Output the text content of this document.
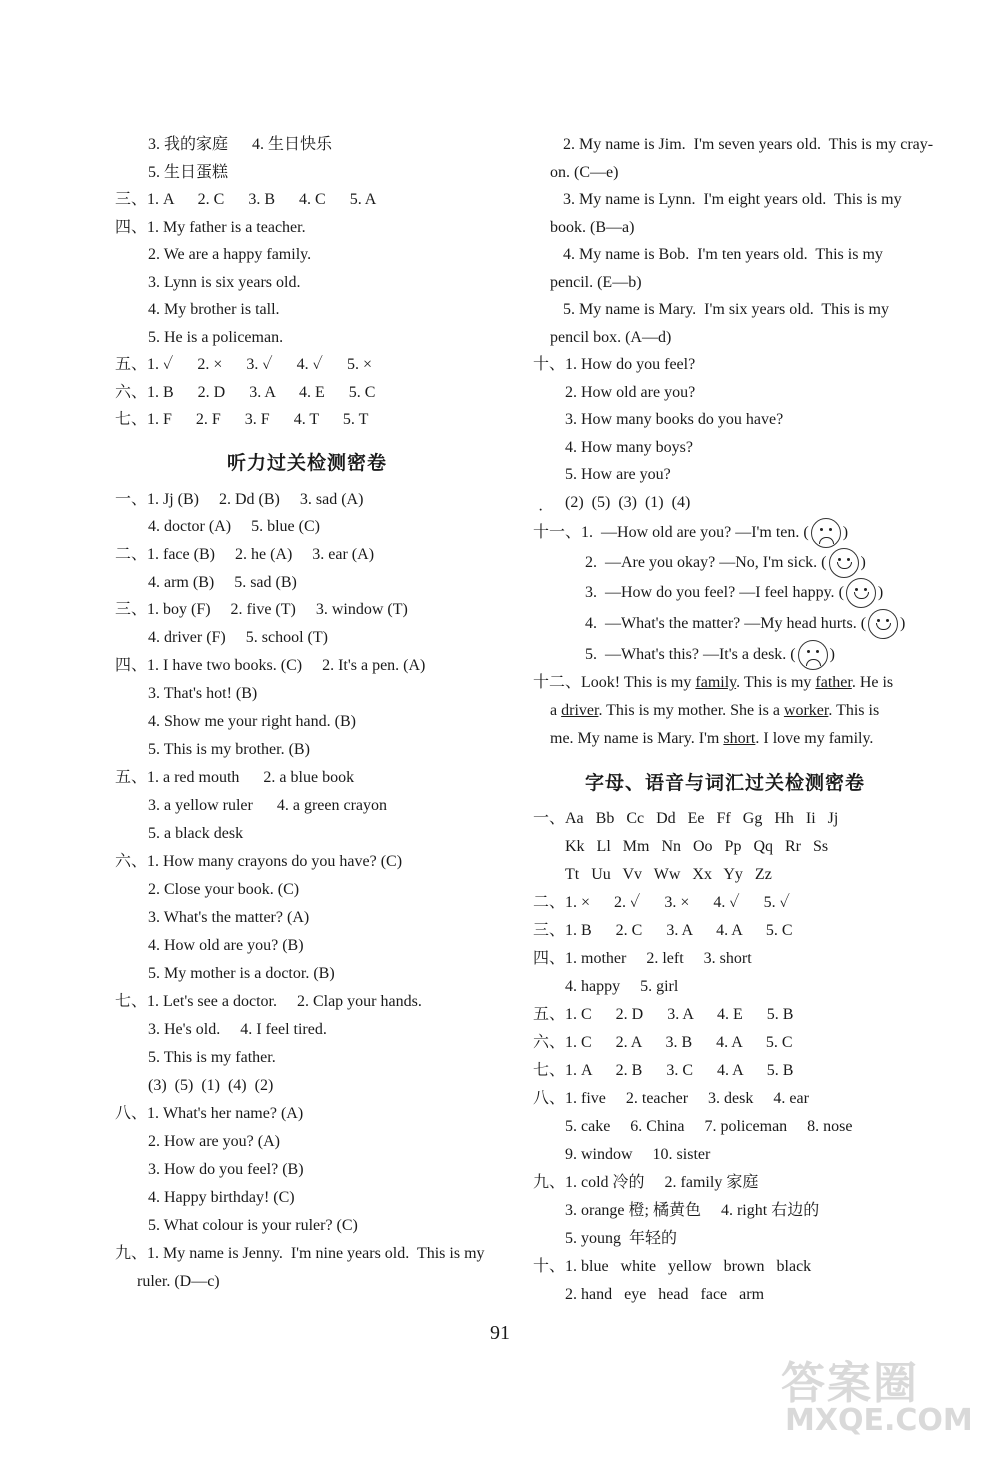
3. 我的家庭      4. 生日快乐
5. 生日蛋糕
三、1. A      2. C      3. B      4. C      5. A
四、1. My father is a teacher.
2. We are a happy family.
3. Lynn is six years old.
4. My brother is tall.
5. He is a policeman.
五、1. ✓      2. ×      3. ✓      4. ✓      5. ×
六、1. B      2. D      3. A      4. E      5. C
七、1. F      2. F      3. F      4. T      5. T
一、1. Jj (B)     2. Dd (B)     3. sad (A)
4. doctor (A)     5. blue (C)
二、1. face (B)     2. he (A)     3. ear (A)
4. arm (B)     5. sad (B)
三、1. boy (F)     2. five (T)     3. window (T)
4. driver (F)     5. school (T)
四、1. I have two books. (C)     2. It's a pen. (A)
3. That's hot! (B)
4. Show me your right hand. (B)
5. This is my brother. (B)
五、1. a red mouth      2. a blue book
3. a yellow ruler      4. a green crayon
5. a black desk
六、1. How many crayons do you have? (C)
2. Close your book. (C)
3. What's the matter? (A)
4. How old are you? (B)
5. My mother is a doctor. (B)
七、1. Let's see a doctor.     2. Clap your hands.
3. He's old.     4. I feel tired.
5. This is my father.
(3)  (5)  (1)  (4)  (2)
八、1. What's her name? (A)
2. How are you? (A)
3. How do you feel? (B)
4. Happy birthday! (C)
5. What colour is your ruler? (C)
九、1. My name is Jenny.  I'm nine years old.  This is my
ruler. (D—c)
听力过关检测密卷
2. My name is Jim.  I'm seven years old.  This is my cray-
on. (C—e)
3. My name is Lynn.  I'm eight years old.  This is my
book. (B—a)
4. My name is Bob.  I'm ten years old.  This is my
pencil. (E—b)
5. My name is Mary.  I'm six years old.  This is my
pencil box. (A—d)
十、1. How do you feel?
2. How old are you?
3. How many books do you have?
4. How many boys?
5. How are you?
(2)  (5)  (3)  (1)  (4)
·
十一、1.  —How old are you? —I'm ten. ( )
2.  —Are you okay? —No, I'm sick. ( )
3.  —How do you feel? —I feel happy. ( )
4.  —What's the matter? —My head hurts. ( )
5.  —What's this? —It's a desk. ( )
十二、Look! This is my family. This is my father. He is
a driver. This is my mother. She is a worker. This is
me. My name is Mary. I'm short. I love my family.
字母、语音与词汇过关检测密卷
一、Aa   Bb   Cc   Dd   Ee   Ff   Gg   Hh   Ii   Jj
Kk   Ll   Mm   Nn   Oo   Pp   Qq   Rr   Ss
Tt   Uu   Vv   Ww   Xx   Yy   Zz
二、1. ×      2. ✓      3. ×      4. ✓      5. ✓
三、1. B      2. C      3. A      4. A      5. C
四、1. mother     2. left     3. short
4. happy     5. girl
五、1. C      2. D      3. A      4. E      5. B
六、1. C      2. A      3. B      4. A      5. C
七、1. A      2. B      3. C      4. A      5. B
八、1. five     2. teacher     3. desk     4. ear
5. cake     6. China     7. policeman     8. nose
9. window     10. sister
九、1. cold 冷的     2. family 家庭
3. orange 橙; 橘黄色     4. right 右边的
5. young  年轻的
十、1. blue   white   yellow   brown   black
2. hand   eye   head   face   arm
91
答案圈
MXQE.COM
